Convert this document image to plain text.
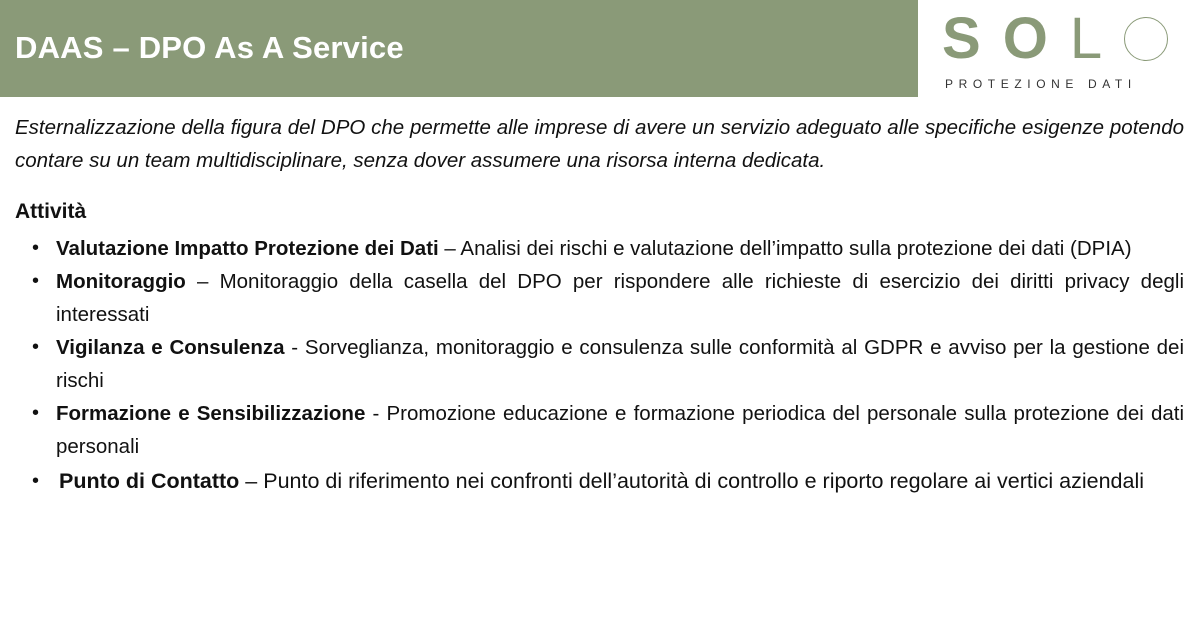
DAAS – DPO As A Service	S O L
PROTEZIONE DATI

Esternalizzazione della figura del DPO che permette alle imprese di avere un servizio adeguato alle specifiche esigenze potendo contare su un team multidisciplinare, senza dover assumere una risorsa interna dedicata.

Attività
• Valutazione Impatto Protezione dei Dati – Analisi dei rischi e valutazione dell’impatto sulla protezione dei dati (DPIA)
• Monitoraggio – Monitoraggio della casella del DPO per rispondere alle richieste di esercizio dei diritti privacy degli interessati
• Vigilanza e Consulenza - Sorveglianza, monitoraggio e consulenza sulle conformità al GDPR e avviso per la gestione dei rischi
• Formazione e Sensibilizzazione - Promozione educazione e formazione periodica del personale sulla protezione dei dati personali
• Punto di Contatto – Punto di riferimento nei confronti dell’autorità di controllo e riporto regolare ai vertici aziendali
